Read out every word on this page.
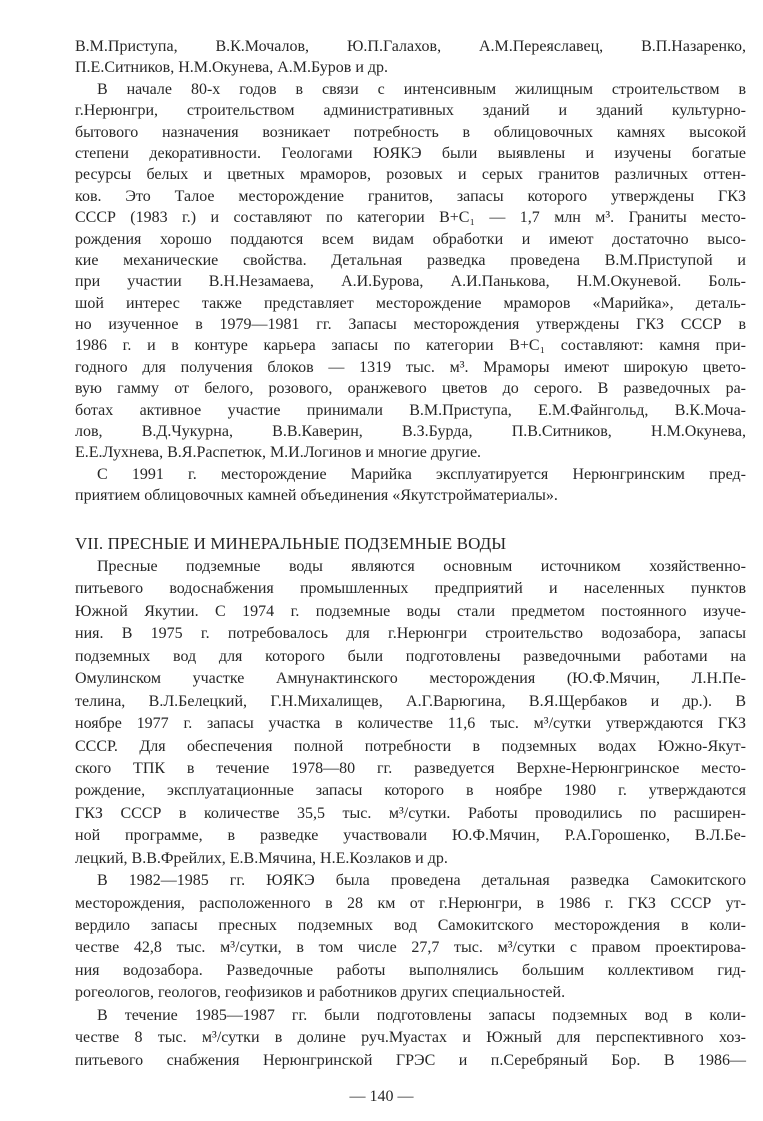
В.М.Приступа, В.К.Мочалов, Ю.П.Галахов, А.М.Переяславец, В.П.Назаренко,
П.Е.Ситников, Н.М.Окунева, А.М.Буров и др.
В начале 80-х годов в связи с интенсивным жилищным строительством в
г.Нерюнгри, строительством административных зданий и зданий культурно-
бытового назначения возникает потребность в облицовочных камнях высокой
степени декоративности. Геологами ЮЯКЭ были выявлены и изучены богатые
ресурсы белых и цветных мраморов, розовых и серых гранитов различных оттен-
ков. Это Талое месторождение гранитов, запасы которого утверждены ГКЗ
СССР (1983 г.) и составляют по категории B+C₁ — 1,7 млн м³. Граниты место-
рождения хорошо поддаются всем видам обработки и имеют достаточно высо-
кие механические свойства. Детальная разведка проведена В.М.Приступой и
при участии В.Н.Незамаева, А.И.Бурова, А.И.Панькова, Н.М.Окуневой. Боль-
шой интерес также представляет месторождение мраморов «Марийка», деталь-
но изученное в 1979—1981 гг. Запасы месторождения утверждены ГКЗ СССР в
1986 г. и в контуре карьера запасы по категории B+C₁ составляют: камня при-
годного для получения блоков — 1319 тыс. м³. Мраморы имеют широкую цвето-
вую гамму от белого, розового, оранжевого цветов до серого. В разведочных ра-
ботах активное участие принимали В.М.Приступа, Е.М.Файнгольд, В.К.Моча-
лов, В.Д.Чукурна, В.В.Каверин, В.З.Бурда, П.В.Ситников, Н.М.Окунева,
Е.Е.Лухнева, В.Я.Распетюк, М.И.Логинов и многие другие.
С 1991 г. месторождение Марийка эксплуатируется Нерюнгринским пред-
приятием облицовочных камней объединения «Якутстройматериалы».
VII. ПРЕСНЫЕ И МИНЕРАЛЬНЫЕ ПОДЗЕМНЫЕ ВОДЫ
Пресные подземные воды являются основным источником хозяйственно-
питьевого водоснабжения промышленных предприятий и населенных пунктов
Южной Якутии. С 1974 г. подземные воды стали предметом постоянного изуче-
ния. В 1975 г. потребовалось для г.Нерюнгри строительство водозабора, запасы
подземных вод для которого были подготовлены разведочными работами на
Омулинском участке Амнунактинского месторождения (Ю.Ф.Мячин, Л.Н.Пе-
телина, В.Л.Белецкий, Г.Н.Михалищев, А.Г.Варюгина, В.Я.Щербаков и др.). В
ноябре 1977 г. запасы участка в количестве 11,6 тыс. м³/сутки утверждаются ГКЗ
СССР. Для обеспечения полной потребности в подземных водах Южно-Якут-
ского ТПК в течение 1978—80 гг. разведуется Верхне-Нерюнгринское место-
рождение, эксплуатационные запасы которого в ноябре 1980 г. утверждаются
ГКЗ СССР в количестве 35,5 тыс. м³/сутки. Работы проводились по расширен-
ной программе, в разведке участвовали Ю.Ф.Мячин, Р.А.Горошенко, В.Л.Бе-
лецкий, В.В.Фрейлих, Е.В.Мячина, Н.Е.Козлаков и др.
В 1982—1985 гг. ЮЯКЭ была проведена детальная разведка Самокитского
месторождения, расположенного в 28 км от г.Нерюнгри, в 1986 г. ГКЗ СССР ут-
вердило запасы пресных подземных вод Самокитского месторождения в коли-
честве 42,8 тыс. м³/сутки, в том числе 27,7 тыс. м³/сутки с правом проектирова-
ния водозабора. Разведочные работы выполнялись большим коллективом гид-
рогеологов, геологов, геофизиков и работников других специальностей.
В течение 1985—1987 гг. были подготовлены запасы подземных вод в коли-
честве 8 тыс. м³/сутки в долине руч.Муастах и Южный для перспективного хоз-
питьевого снабжения Нерюнгринской ГРЭС и п.Серебряный Бор. В 1986—
— 140 —
